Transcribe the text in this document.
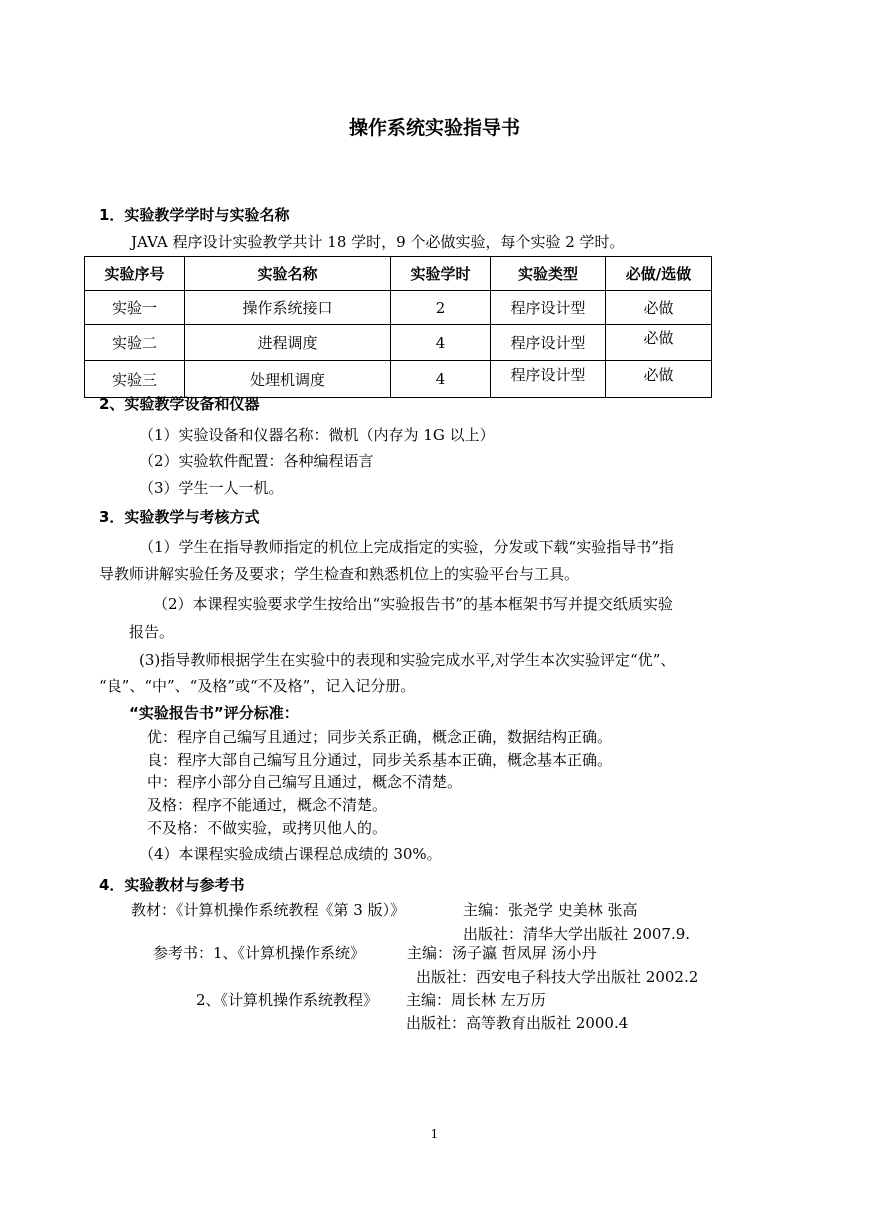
操作系统实验指导书
1．实验教学学时与实验名称
JAVA 程序设计实验教学共计 18 学时，9 个必做实验，每个实验 2 学时。
实验序号	实验名称	实验学时	实验类型	必做/选做
实验一	操作系统接口	2	程序设计型	必做
实验二	进程调度	4	程序设计型	必做
实验三	处理机调度	4	程序设计型	必做
2、实验教学设备和仪器
（1）实验设备和仪器名称：微机（内存为 1G 以上）
（2）实验软件配置：各种编程语言
（3）学生一人一机。
3．实验教学与考核方式
（1）学生在指导教师指定的机位上完成指定的实验，分发或下载“实验指导书”指
导教师讲解实验任务及要求；学生检查和熟悉机位上的实验平台与工具。
（2）本课程实验要求学生按给出“实验报告书”的基本框架书写并提交纸质实验
报告。
(3)指导教师根据学生在实验中的表现和实验完成水平,对学生本次实验评定“优”、
“良”、“中”、“及格”或“不及格”，记入记分册。
“实验报告书”评分标准：
优：程序自己编写且通过；同步关系正确，概念正确，数据结构正确。
良：程序大部自己编写且分通过，同步关系基本正确，概念基本正确。
中：程序小部分自己编写且通过，概念不清楚。
及格：程序不能通过，概念不清楚。
不及格：不做实验，或拷贝他人的。
（4）本课程实验成绩占课程总成绩的 30%。
4．实验教材与参考书
教材：《计算机操作系统教程《第 3 版）》	主编：张尧学 史美林 张高
出版社：清华大学出版社 2007.9.
参考书：1、《计算机操作系统》	主编：汤子瀛 哲凤屏 汤小丹
出版社：西安电子科技大学出版社 2002.2
2、《计算机操作系统教程》 主编：周长林 左万历
出版社：高等教育出版社 2000.4
1
